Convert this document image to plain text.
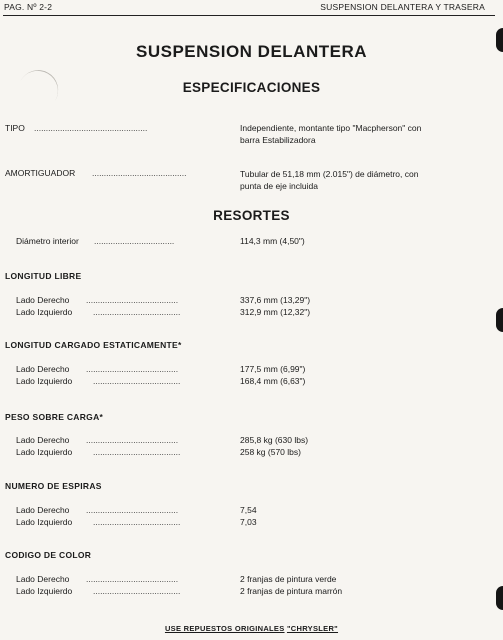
PAG. Nº 2-2	SUSPENSION DELANTERA Y TRASERA
SUSPENSION DELANTERA
ESPECIFICACIONES
TIPO ................................................	Independiente, montante tipo "Macpherson" con
barra Estabilizadora
AMORTIGUADOR ........................................	Tubular de 51,18 mm (2.015") de diámetro, con
punta de eje incluida
RESORTES
Diámetro interior ..................................	114,3 mm (4,50")
LONGITUD LIBRE
Lado Derecho .......................................	337,6 mm (13,29")
Lado Izquierdo .....................................	312,9 mm (12,32")
LONGITUD CARGADO ESTATICAMENTE*
Lado Derecho .......................................	177,5 mm (6,99")
Lado Izquierdo .....................................	168,4 mm (6,63")
PESO SOBRE CARGA*
Lado Derecho .......................................	285,8 kg (630 lbs)
Lado Izquierdo .....................................	258 kg (570 lbs)
NUMERO DE ESPIRAS
Lado Derecho .......................................	7,54
Lado Izquierdo .....................................	7,03
CODIGO DE COLOR
Lado Derecho .......................................	2 franjas de pintura verde
Lado Izquierdo .....................................	2 franjas de pintura marrón
USE REPUESTOS ORIGINALES "CHRYSLER"
